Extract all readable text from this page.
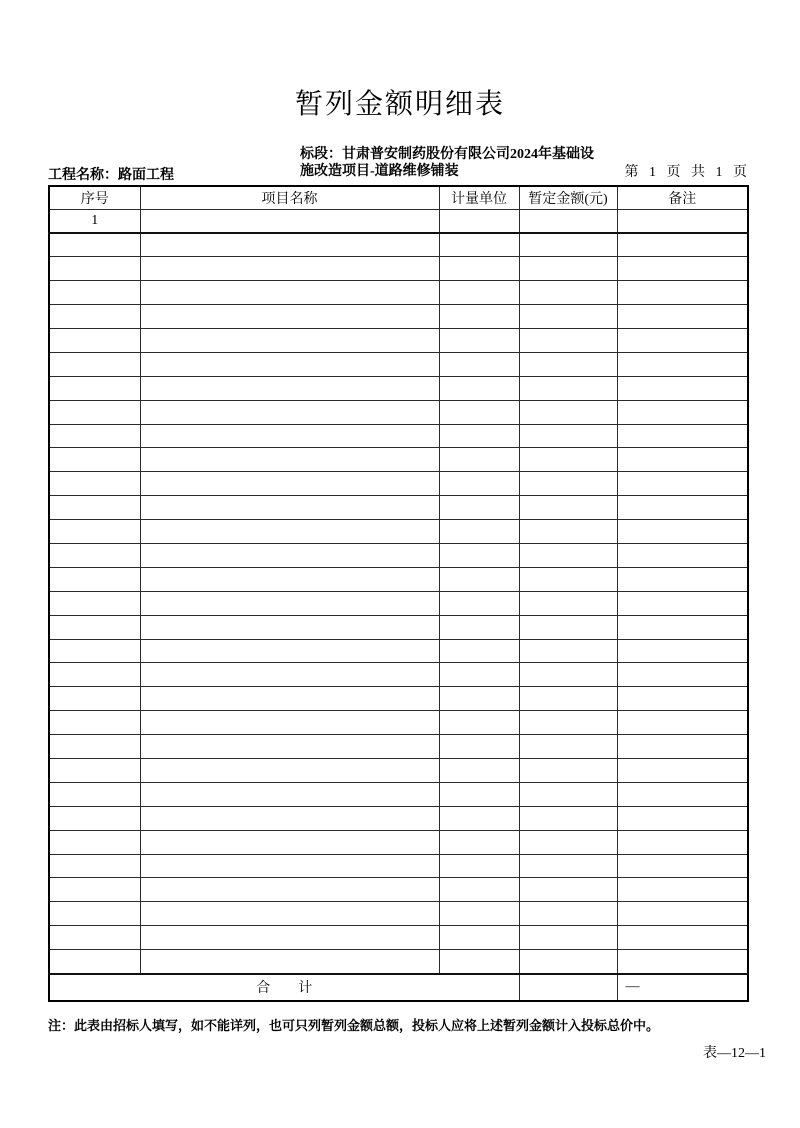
暂列金额明细表
工程名称：路面工程
标段：甘肃普安制药股份有限公司2024年基础设
施改造项目-道路维修铺装	第 1 页 共 1 页
序号	项目名称	计量单位	暂定金额(元)	备注
1				

合　　计				—
注：此表由招标人填写，如不能详列，也可只列暂列金额总额，投标人应将上述暂列金额计入投标总价中。
表—12—1
